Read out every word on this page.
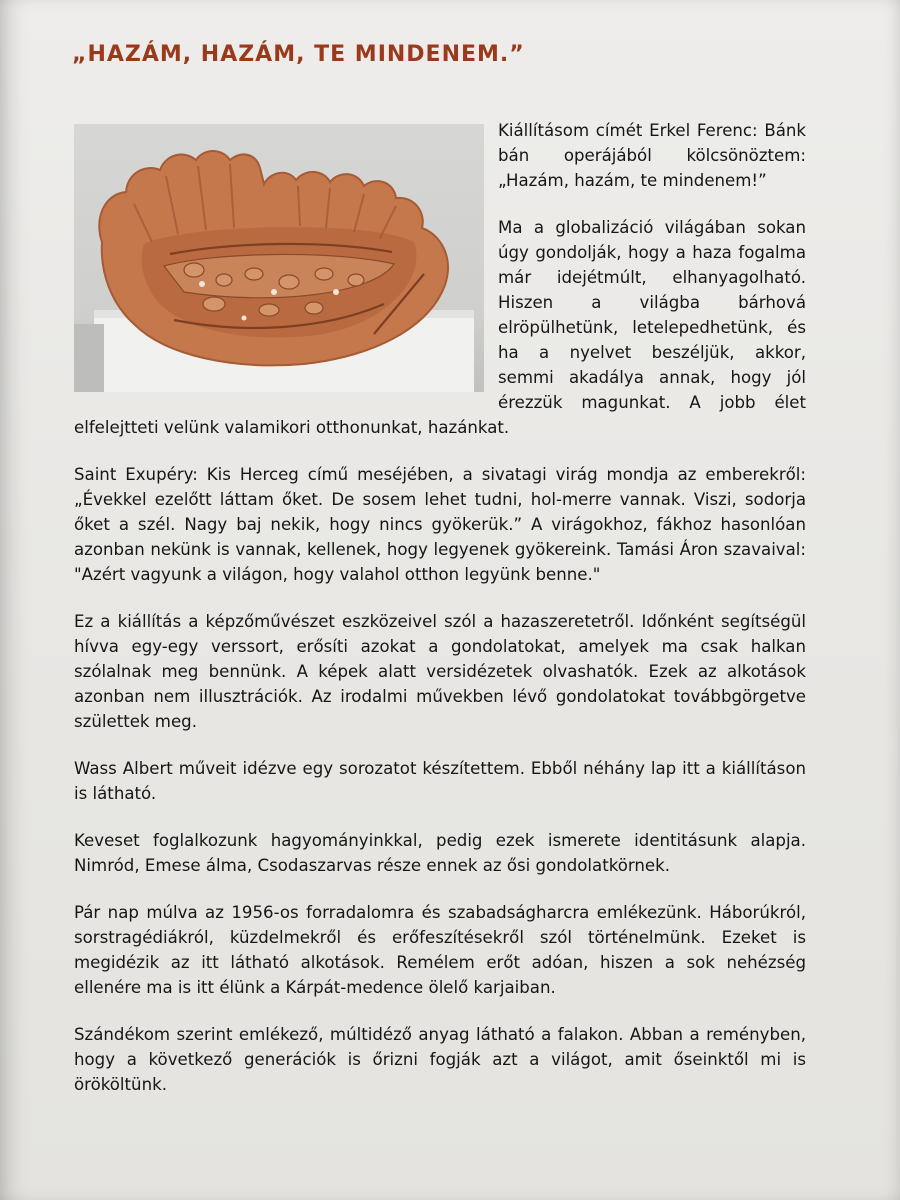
„HAZÁM, HAZÁM, TE MINDENEM.”

Kiállításom címét Erkel Ferenc: Bánk bán operájából kölcsönöztem: „Hazám, hazám, te mindenem!”

Ma a globalizáció világában sokan úgy gondolják, hogy a haza fogalma már idejétmúlt, elhanyagolható. Hiszen a világba bárhová elröpülhetünk, letelepedhetünk, és ha a nyelvet beszéljük, akkor, semmi akadálya annak, hogy jól érezzük magunkat. A jobb élet elfelejtteti velünk valamikori otthonunkat, hazánkat.

Saint Exupéry: Kis Herceg című meséjében, a sivatagi virág mondja az emberekről: „Évekkel ezelőtt láttam őket. De sosem lehet tudni, hol-merre vannak. Viszi, sodorja őket a szél. Nagy baj nekik, hogy nincs gyökerük.” A virágokhoz, fákhoz hasonlóan azonban nekünk is vannak, kellenek, hogy legyenek gyökereink. Tamási Áron szavaival: "Azért vagyunk a világon, hogy valahol otthon legyünk benne."

Ez a kiállítás a képzőművészet eszközeivel szól a hazaszeretetről. Időnként segítségül hívva egy-egy verssort, erősíti azokat a gondolatokat, amelyek ma csak halkan szólalnak meg bennünk. A képek alatt versidézetek olvashatók. Ezek az alkotások azonban nem illusztrációk. Az irodalmi művekben lévő gondolatokat továbbgörgetve születtek meg.

Wass Albert műveit idézve egy sorozatot készítettem. Ebből néhány lap itt a kiállításon is látható.

Keveset foglalkozunk hagyományinkkal, pedig ezek ismerete identitásunk alapja. Nimród, Emese álma, Csodaszarvas része ennek az ősi gondolatkörnek.

Pár nap múlva az 1956-os forradalomra és szabadságharcra emlékezünk. Háborúkról, sorstragédiákról, küzdelmekről és erőfeszítésekről szól történelmünk. Ezeket is megidézik az itt látható alkotások. Remélem erőt adóan, hiszen a sok nehézség ellenére ma is itt élünk a Kárpát-medence ölelő karjaiban.

Szándékom szerint emlékező, múltidéző anyag látható a falakon. Abban a reményben, hogy a következő generációk is őrizni fogják azt a világot, amit őseinktől mi is örököltünk.
